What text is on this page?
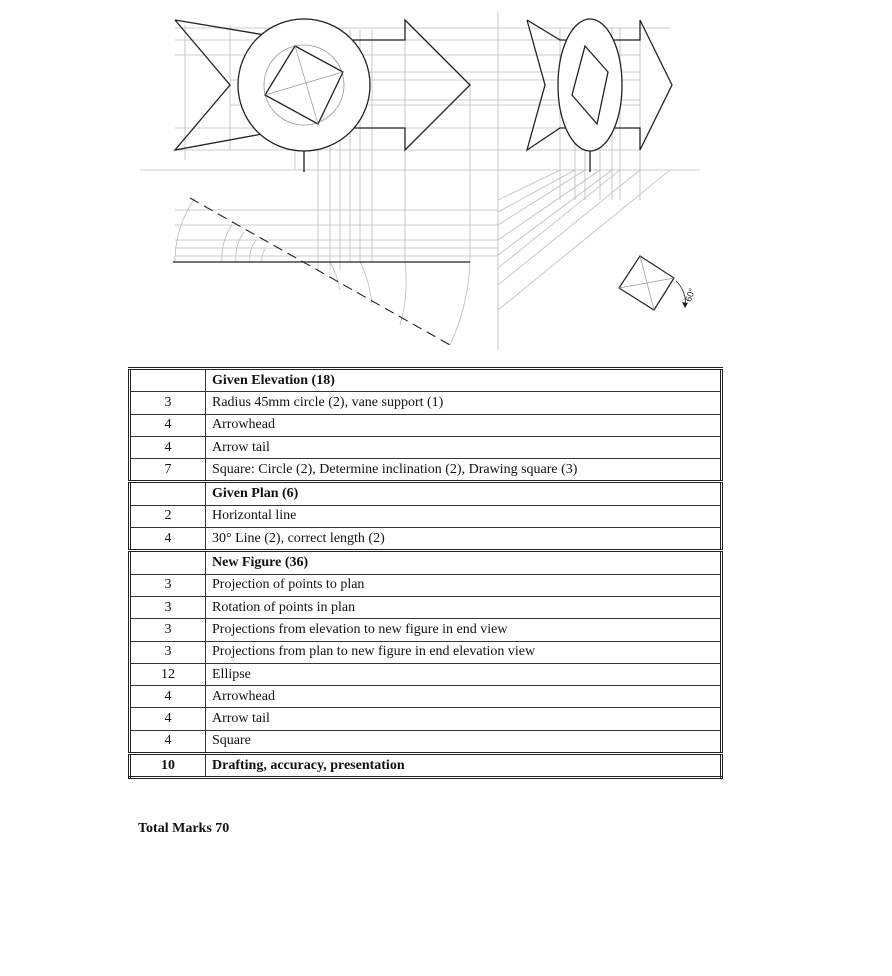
60°
	Given Elevation (18)
3	Radius 45mm circle (2), vane support (1)
4	Arrowhead
4	Arrow tail
7	Square: Circle (2), Determine inclination (2), Drawing square (3)
	Given Plan (6)
2	Horizontal line
4	30° Line (2), correct length (2)
	New Figure (36)
3	Projection of points to plan
3	Rotation of points in plan
3	Projections from elevation to new figure in end view
3	Projections from plan to new figure in end elevation view
12	Ellipse
4	Arrowhead
4	Arrow tail
4	Square
10	Drafting, accuracy, presentation
Total Marks 70
